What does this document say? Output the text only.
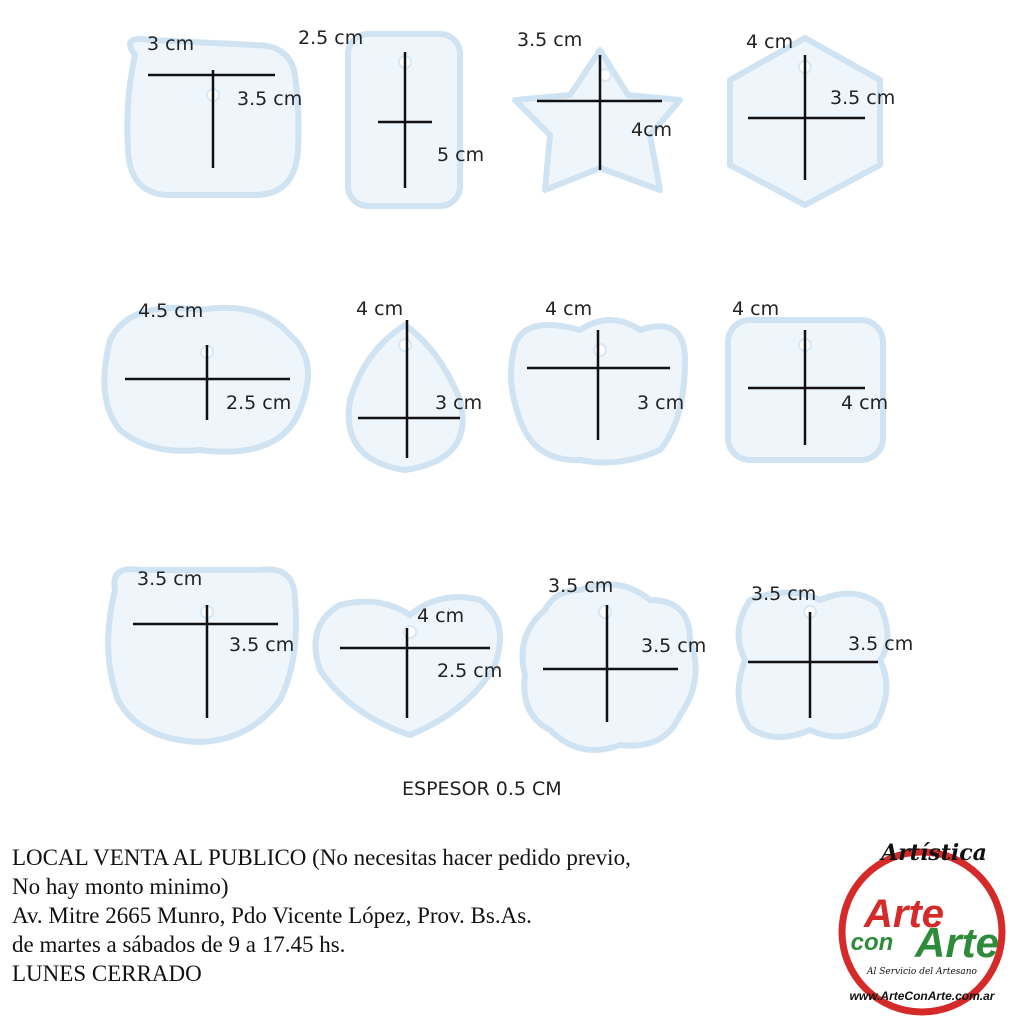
3 cm
3.5 cm
2.5 cm
5 cm
3.5 cm
4cm
4 cm
3.5 cm
4.5 cm
2.5 cm
4 cm
3 cm
4 cm
3 cm
4 cm
4 cm
3.5 cm
3.5 cm
4 cm
2.5 cm
3.5 cm
3.5 cm
3.5 cm
3.5 cm
ESPESOR 0.5 CM
LOCAL VENTA AL PUBLICO (No necesitas hacer pedido previo,
No hay monto minimo)
Av. Mitre 2665 Munro, Pdo Vicente López, Prov. Bs.As.
de martes a sábados de 9 a 17.45 hs.
LUNES CERRADO
Artística
Arte
con Arte
Al Servicio del Artesano
www.ArteConArte.com.ar
